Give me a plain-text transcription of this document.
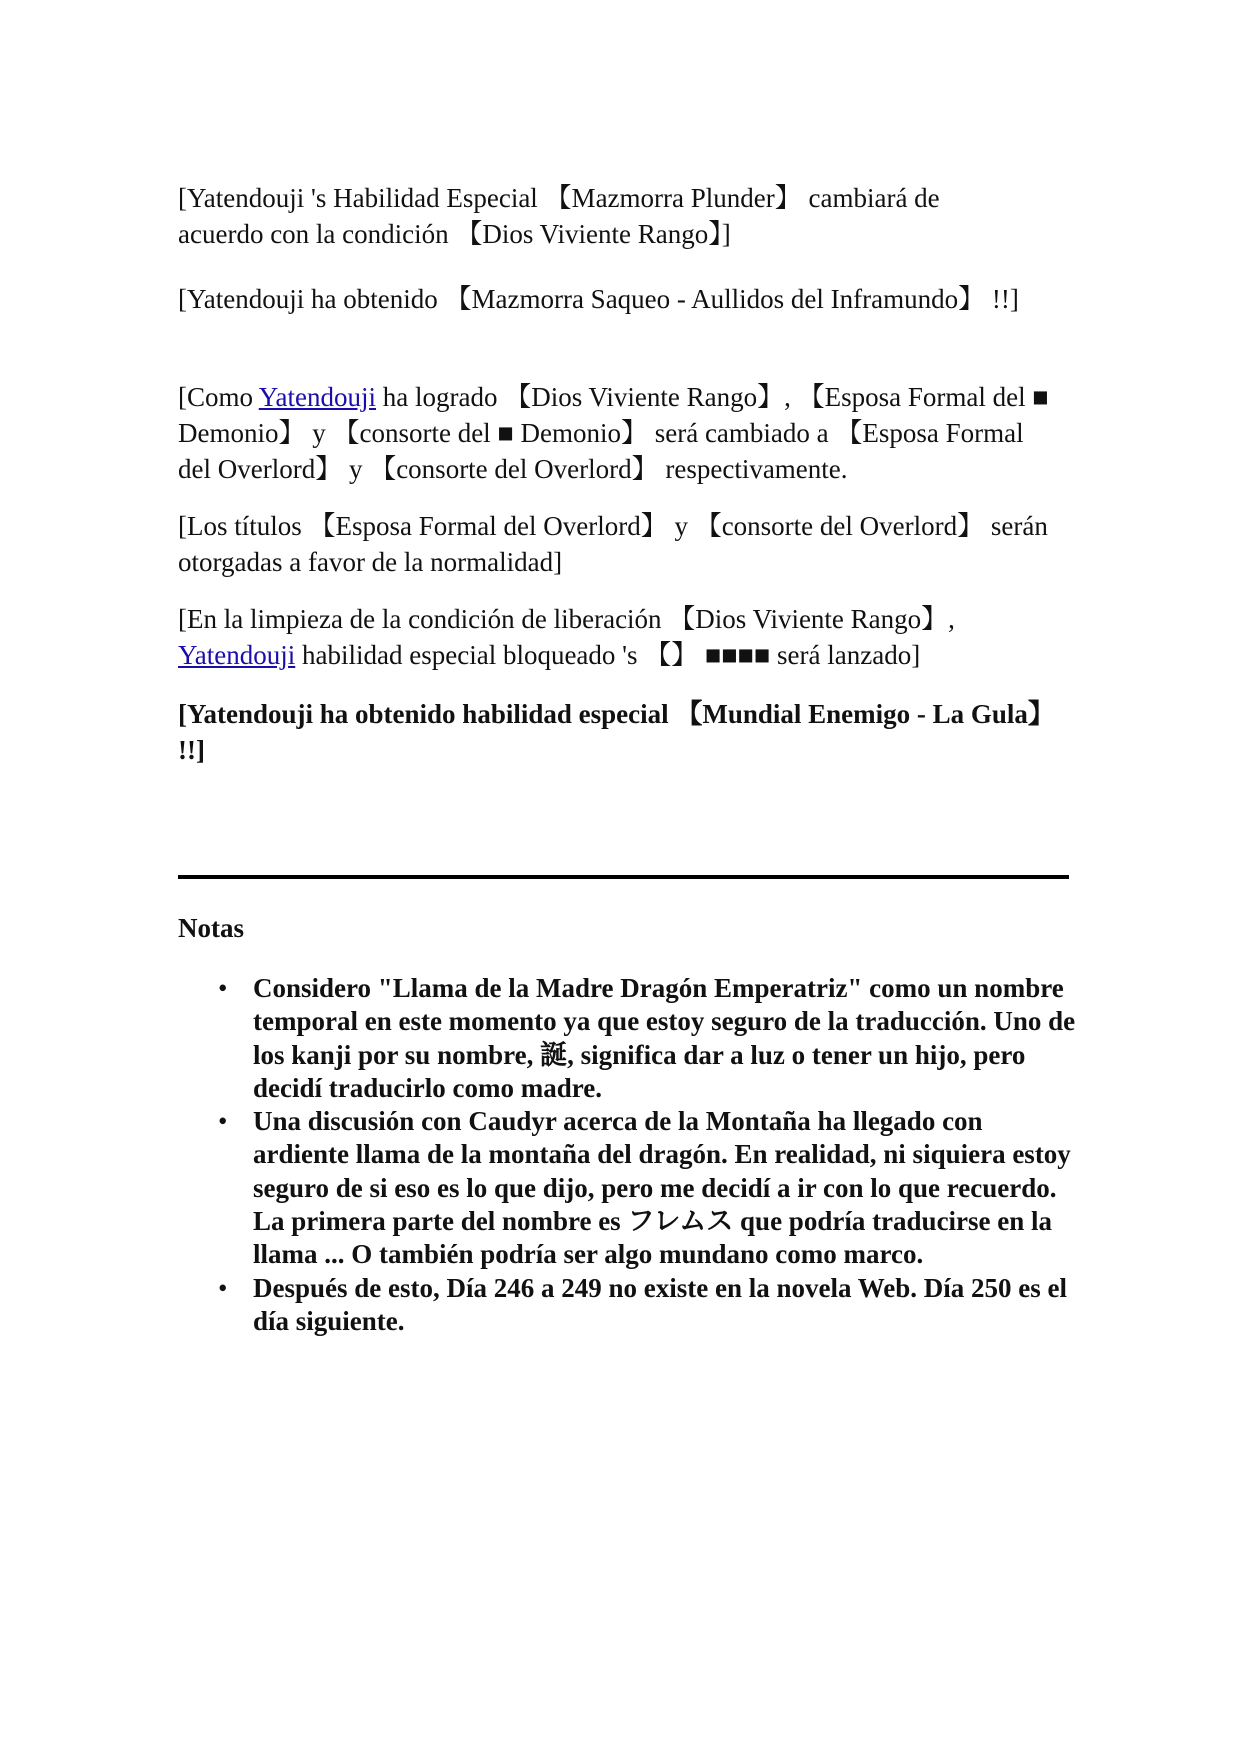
[Yatendouji 's Habilidad Especial 【Mazmorra Plunder】 cambiará de acuerdo con la condición 【Dios Viviente Rango】]

[Yatendouji ha obtenido 【Mazmorra Saqueo - Aullidos del Inframundo】 !!]

[Como Yatendouji ha logrado 【Dios Viviente Rango】, 【Esposa Formal del ■ Demonio】 y 【consorte del ■ Demonio】 será cambiado a 【Esposa Formal del Overlord】 y 【consorte del Overlord】 respectivamente.

[Los títulos 【Esposa Formal del Overlord】 y 【consorte del Overlord】 serán otorgadas a favor de la normalidad]

[En la limpieza de la condición de liberación 【Dios Viviente Rango】, Yatendouji habilidad especial bloqueado 's 【】 ■■■■ será lanzado]

[Yatendouji ha obtenido habilidad especial 【Mundial Enemigo - La Gula】 !!]

Notas
• Considero "Llama de la Madre Dragón Emperatriz" como un nombre temporal en este momento ya que estoy seguro de la traducción. Uno de los kanji por su nombre, 誕, significa dar a luz o tener un hijo, pero decidí traducirlo como madre.
• Una discusión con Caudyr acerca de la Montaña ha llegado con ardiente llama de la montaña del dragón. En realidad, ni siquiera estoy seguro de si eso es lo que dijo, pero me decidí a ir con lo que recuerdo. La primera parte del nombre es フレムス que podría traducirse en la llama ... O también podría ser algo mundano como marco.
• Después de esto, Día 246 a 249 no existe en la novela Web. Día 250 es el día siguiente.
